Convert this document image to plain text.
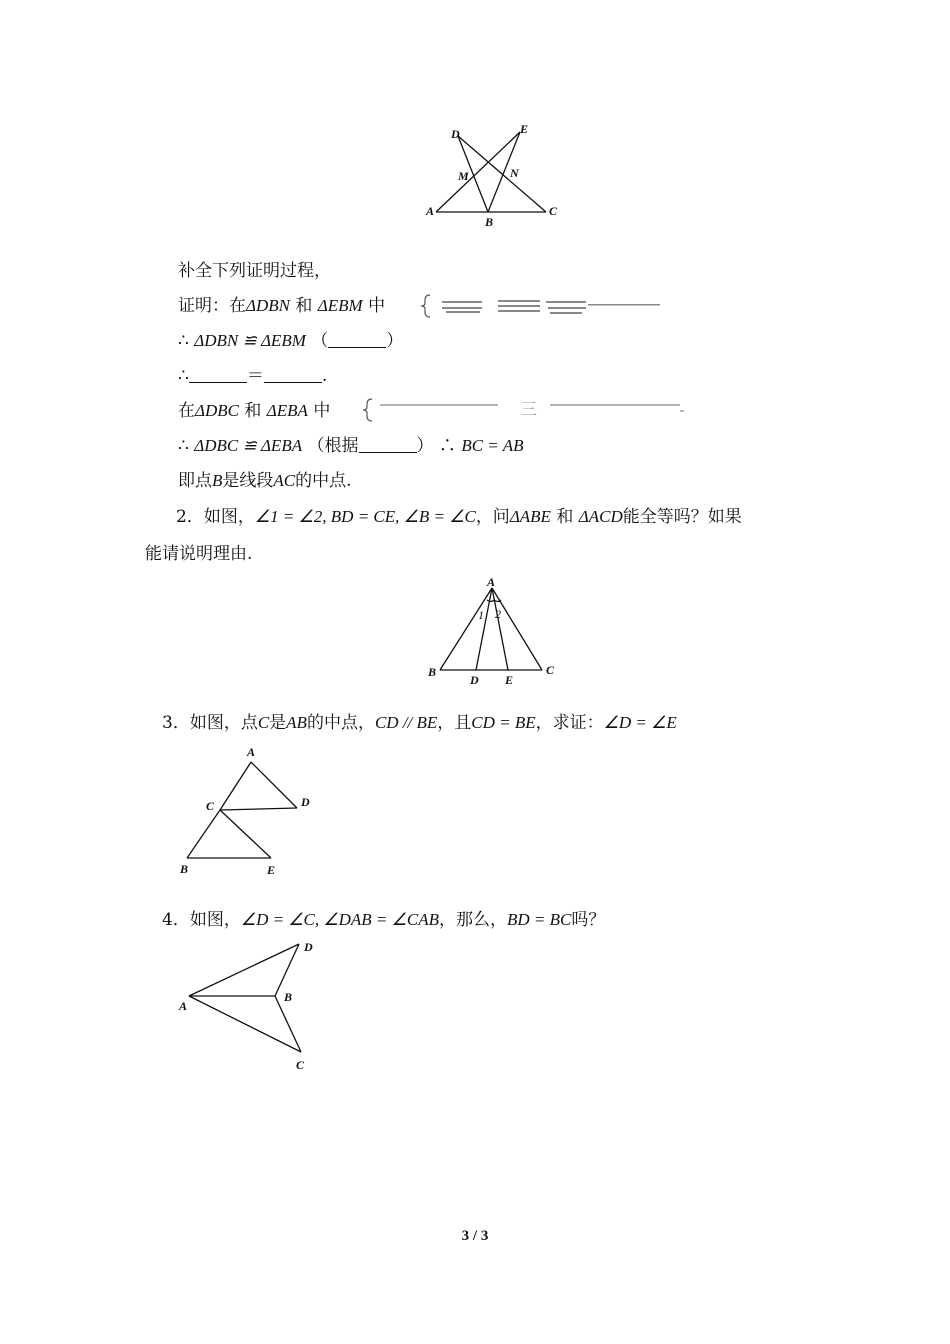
D	E
M	N
A
B
C
补全下列证明过程，
证明：在ΔDBN 和 ΔEBM 中
∴ ΔDBN ≌ ΔEBM （	）
∴	＝	.
在ΔDBC 和 ΔEBA 中	三
∴ ΔDBC ≌ ΔEBA （根据	） ∴ BC = AB
即点B是线段AC的中点.
2．如图，∠1 = ∠2, BD = CE, ∠B = ∠C，问ΔABE 和 ΔACD能全等吗？如果
能请说明理由.
A
1 2
B
D E
C
3．如图，点C是AB的中点，CD // BE，且CD = BE，求证：∠D = ∠E
A
C	D
B	E
4．如图，∠D = ∠C, ∠DAB = ∠CAB，那么，BD = BC吗？
D
A
B
C
3 / 3
